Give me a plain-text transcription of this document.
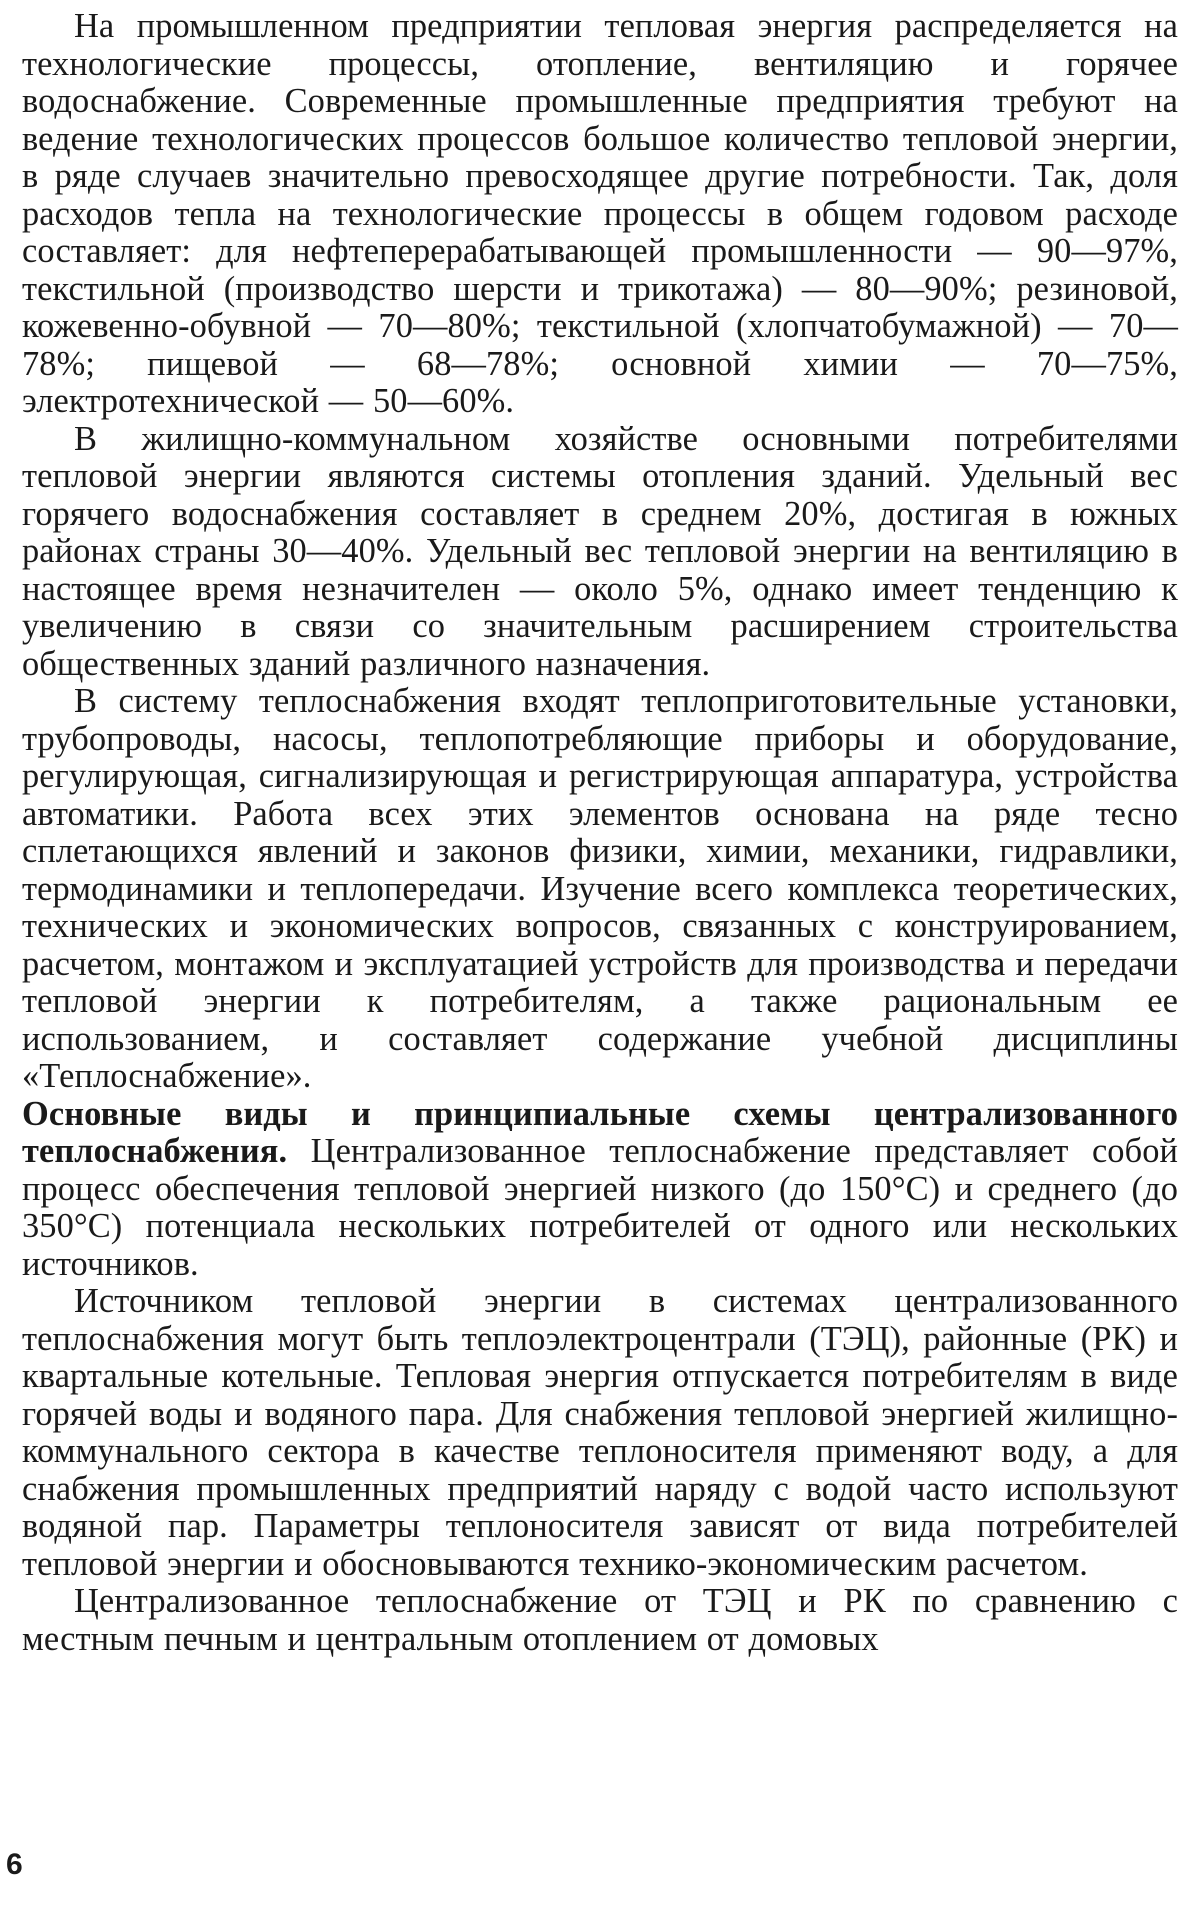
На промышленном предприятии тепловая энергия распределяется на технологические процессы, отопление, вентиляцию и горячее водоснабжение. Современные промышленные предприятия требуют на ведение технологических процессов большое количество тепловой энергии, в ряде случаев значительно превосходящее другие потребности. Так, доля расходов тепла на технологические процессы в общем годовом расходе составляет: для нефтеперерабатывающей промышленности — 90—97%, текстильной (производство шерсти и трикотажа) — 80—90%; резиновой, кожевенно-обувной — 70—80%; текстильной (хлопчатобумажной) — 70—78%; пищевой — 68—78%; основной химии — 70—75%, электротехнической — 50—60%.

В жилищно-коммунальном хозяйстве основными потребителями тепловой энергии являются системы отопления зданий. Удельный вес горячего водоснабжения составляет в среднем 20%, достигая в южных районах страны 30—40%. Удельный вес тепловой энергии на вентиляцию в настоящее время незначителен — около 5%, однако имеет тенденцию к увеличению в связи со значительным расширением строительства общественных зданий различного назначения.

В систему теплоснабжения входят теплоприготовительные установки, трубопроводы, насосы, теплопотребляющие приборы и оборудование, регулирующая, сигнализирующая и регистрирующая аппаратура, устройства автоматики. Работа всех этих элементов основана на ряде тесно сплетающихся явлений и законов физики, химии, механики, гидравлики, термодинамики и теплопередачи. Изучение всего комплекса теоретических, технических и экономических вопросов, связанных с конструированием, расчетом, монтажом и эксплуатацией устройств для производства и передачи тепловой энергии к потребителям, а также рациональным ее использованием, и составляет содержание учебной дисциплины «Теплоснабжение».

Основные виды и принципиальные схемы централизованного теплоснабжения. Централизованное теплоснабжение представляет собой процесс обеспечения тепловой энергией низкого (до 150°С) и среднего (до 350°С) потенциала нескольких потребителей от одного или нескольких источников.

Источником тепловой энергии в системах централизованного теплоснабжения могут быть теплоэлектроцентрали (ТЭЦ), районные (РК) и квартальные котельные. Тепловая энергия отпускается потребителям в виде горячей воды и водяного пара. Для снабжения тепловой энергией жилищно-коммунального сектора в качестве теплоносителя применяют воду, а для снабжения промышленных предприятий наряду с водой часто используют водяной пар. Параметры теплоносителя зависят от вида потребителей тепловой энергии и обосновываются технико-экономическим расчетом.

Централизованное теплоснабжение от ТЭЦ и РК по сравнению с местным печным и центральным отоплением от домовых

6
